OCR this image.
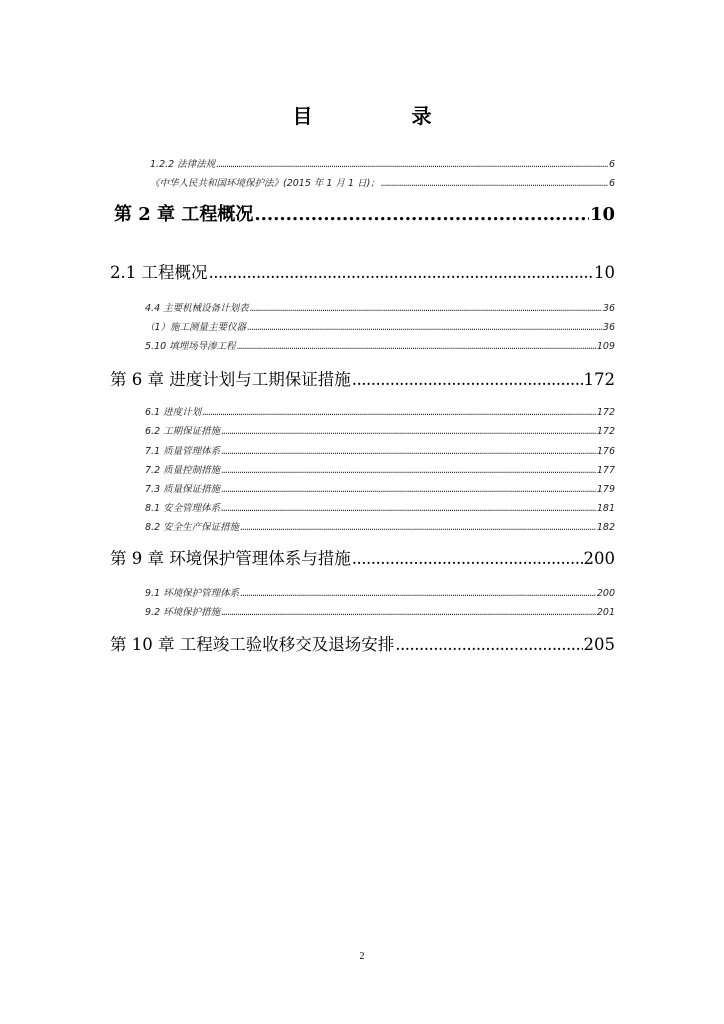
目 录
1.2.2 法律法规 .....	6
《中华人民共和国环境保护法》(2015 年 1 月 1 日)； .....	6
第 2 章 工程概况 .....	10
2.1 工程概况 .....	10
4.4 主要机械设备计划表 .....	36
（1）施工测量主要仪器 .....	36
5.10 填埋场导渗工程 .....	109
第 6 章 进度计划与工期保证措施 .....	172
6.1 进度计划 .....	172
6.2 工期保证措施 .....	172
7.1 质量管理体系 .....	176
7.2 质量控制措施 .....	177
7.3 质量保证措施 .....	179
8.1 安全管理体系 .....	181
8.2 安全生产保证措施 .....	182
第 9 章 环境保护管理体系与措施 .....	200
9.1 环境保护管理体系 .....	200
9.2 环境保护措施 .....	201
第 10 章 工程竣工验收移交及退场安排 .....	205
2
